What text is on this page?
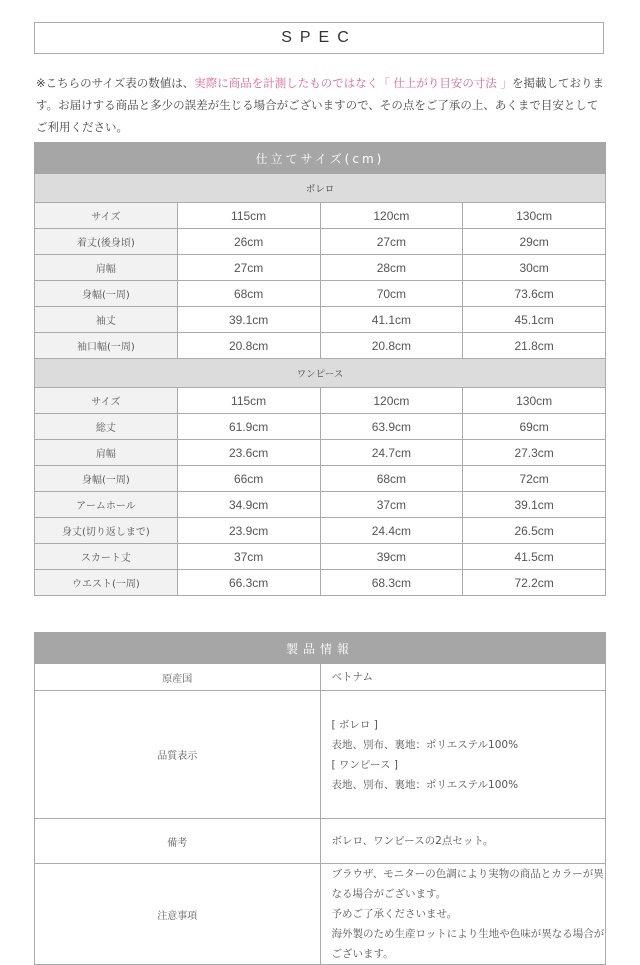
SPEC
※こちらのサイズ表の数値は、実際に商品を計測したものではなく「 仕上がり目安の寸法 」を掲載しております。お届けする商品と多少の誤差が生じる場合がございますので、その点をご了承の上、あくまで目安としてご利用ください。
仕立てサイズ(cm)			
ボレロ			
サイズ	115cm	120cm	130cm
着丈(後身頃)	26cm	27cm	29cm
肩幅	27cm	28cm	30cm
身幅(一周)	68cm	70cm	73.6cm
袖丈	39.1cm	41.1cm	45.1cm
袖口幅(一周)	20.8cm	20.8cm	21.8cm
ワンピース			
サイズ	115cm	120cm	130cm
総丈	61.9cm	63.9cm	69cm
肩幅	23.6cm	24.7cm	27.3cm
身幅(一周)	66cm	68cm	72cm
アームホール	34.9cm	37cm	39.1cm
身丈(切り返しまで)	23.9cm	24.4cm	26.5cm
スカート丈	37cm	39cm	41.5cm
ウエスト(一周)	66.3cm	68.3cm	72.2cm
製品情報	
原産国	ベトナム

品質表示	[ ボレロ ]
表地、別布、裏地：ポリエステル100%
[ ワンピース ]
表地、別布、裏地：ポリエステル100%

備考	ボレロ、ワンピースの2点セット。

注意事項	ブラウザ、モニターの色調により実物の商品とカラーが異なる場合がございます。
予めご了承くださいませ。
海外製のため生産ロットにより生地や色味が異なる場合がございます。
